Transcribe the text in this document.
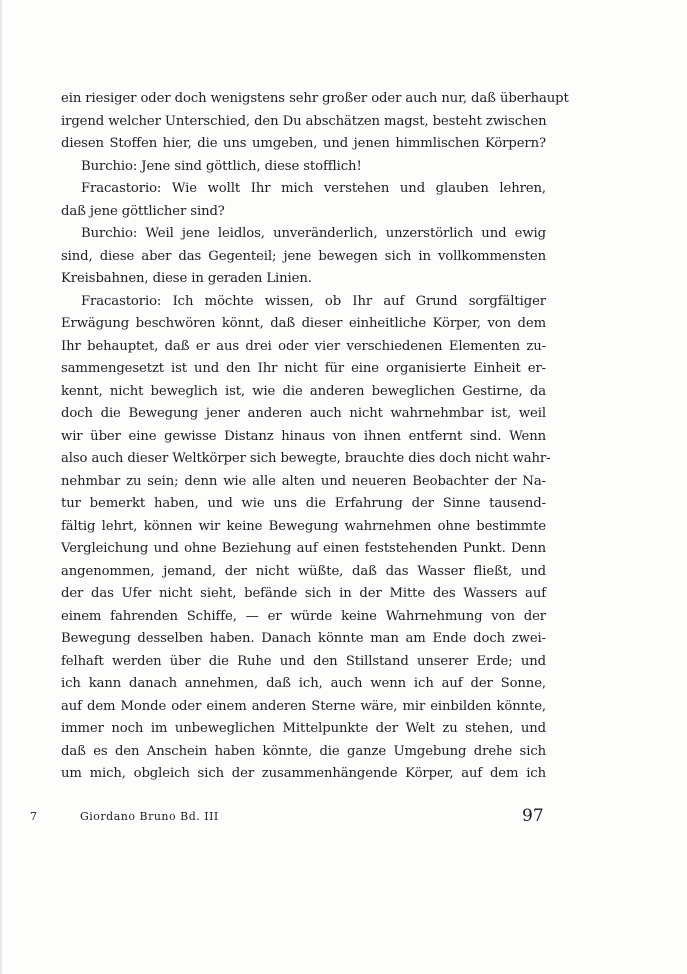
ein riesiger oder doch wenigstens sehr großer oder auch nur, daß überhaupt
irgend welcher Unterschied, den Du abschätzen magst, besteht zwischen
diesen Stoffen hier, die uns umgeben, und jenen himmlischen Körpern?
Burchio: Jene sind göttlich, diese stofflich!
Fracastorio: Wie wollt Ihr mich verstehen und glauben lehren,
daß jene göttlicher sind?
Burchio: Weil jene leidlos, unveränderlich, unzerstörlich und ewig
sind, diese aber das Gegenteil; jene bewegen sich in vollkommensten
Kreisbahnen, diese in geraden Linien.
Fracastorio: Ich möchte wissen, ob Ihr auf Grund sorgfältiger
Erwägung beschwören könnt, daß dieser einheitliche Körper, von dem
Ihr behauptet, daß er aus drei oder vier verschiedenen Elementen zu-
sammengesetzt ist und den Ihr nicht für eine organisierte Einheit er-
kennt, nicht beweglich ist, wie die anderen beweglichen Gestirne, da
doch die Bewegung jener anderen auch nicht wahrnehmbar ist, weil
wir über eine gewisse Distanz hinaus von ihnen entfernt sind. Wenn
also auch dieser Weltkörper sich bewegte, brauchte dies doch nicht wahr-
nehmbar zu sein; denn wie alle alten und neueren Beobachter der Na-
tur bemerkt haben, und wie uns die Erfahrung der Sinne tausend-
fältig lehrt, können wir keine Bewegung wahrnehmen ohne bestimmte
Vergleichung und ohne Beziehung auf einen feststehenden Punkt. Denn
angenommen, jemand, der nicht wüßte, daß das Wasser fließt, und
der das Ufer nicht sieht, befände sich in der Mitte des Wassers auf
einem fahrenden Schiffe, — er würde keine Wahrnehmung von der
Bewegung desselben haben. Danach könnte man am Ende doch zwei-
felhaft werden über die Ruhe und den Stillstand unserer Erde; und
ich kann danach annehmen, daß ich, auch wenn ich auf der Sonne,
auf dem Monde oder einem anderen Sterne wäre, mir einbilden könnte,
immer noch im unbeweglichen Mittelpunkte der Welt zu stehen, und
daß es den Anschein haben könnte, die ganze Umgebung drehe sich
um mich, obgleich sich der zusammenhängende Körper, auf dem ich
7	Giordano Bruno Bd. III	97
